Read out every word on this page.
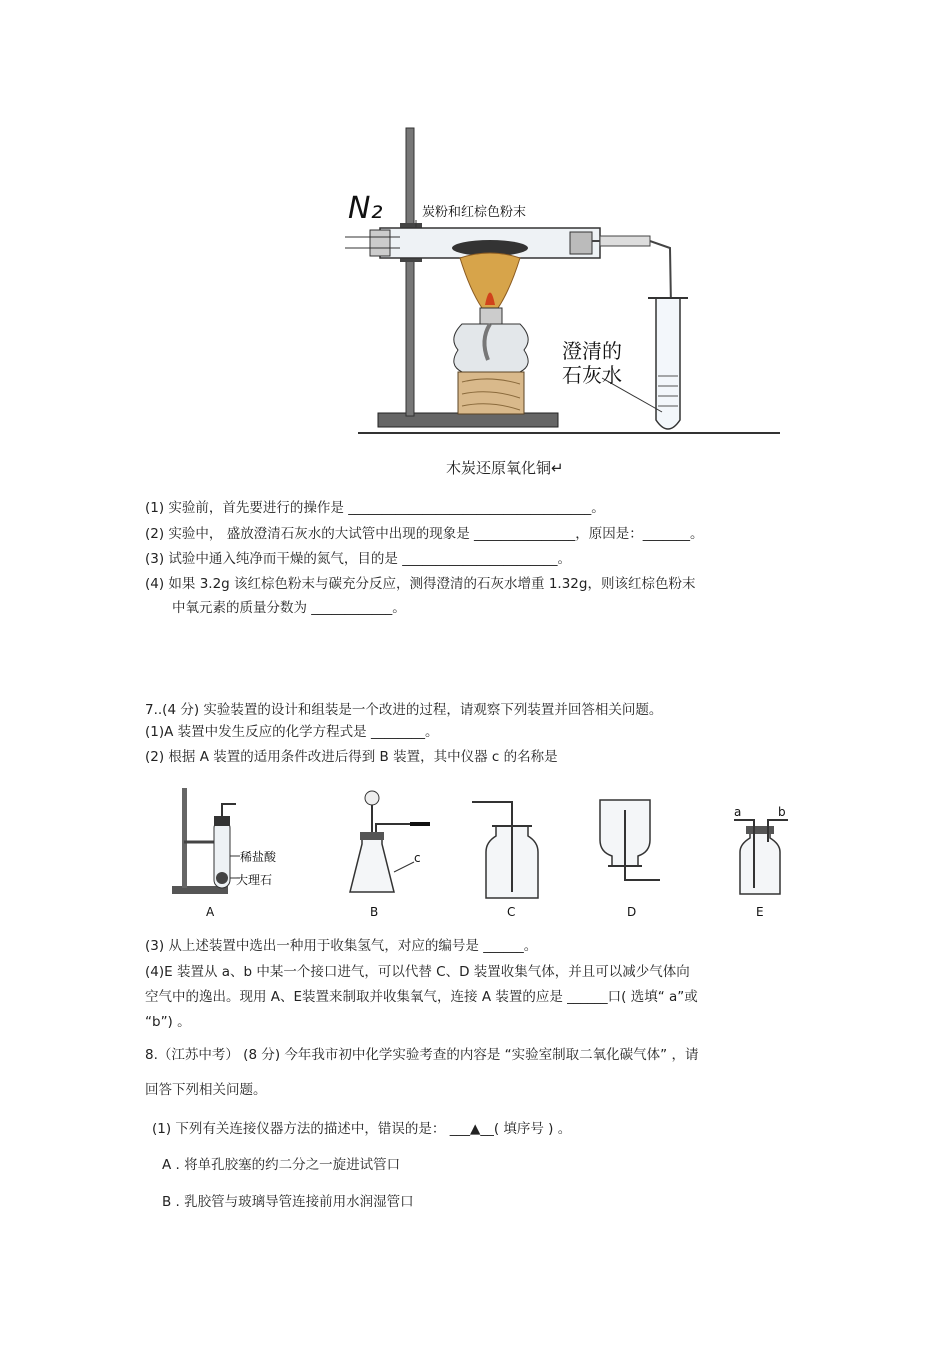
N₂	炭粉和红棕色粉末
澄清的
石灰水
木炭还原氧化铜↵
(1) 实验前，首先要进行的操作是 ____________________________________。
(2) 实验中， 盛放澄清石灰水的大试管中出现的现象是 _______________，原因是：_______。
(3) 试验中通入纯净而干燥的氮气，目的是 _______________________。
(4) 如果 3.2g 该红棕色粉末与碳充分反应，测得澄清的石灰水增重 1.32g，则该红棕色粉末
中氧元素的质量分数为 ____________。
7..(4 分) 实验装置的设计和组装是一个改进的过程，请观察下列装置并回答相关问题。
(1)A 装置中发生反应的化学方程式是 ________。
(2) 根据 A 装置的适用条件改进后得到 B 装置，其中仪器 c 的名称是
稀盐酸
大理石
c
a	b
A	B	C	D	E
(3) 从上述装置中选出一种用于收集氢气，对应的编号是 ______。
(4)E 装置从 a、b 中某一个接口进气，可以代替 C、D 装置收集气体，并且可以减少气体向
空气中的逸出。现用 A、E装置来制取并收集氧气，连接 A 装置的应是 ______口( 选填“ a”或
“b”) 。
8.（江苏中考） (8 分) 今年我市初中化学实验考查的内容是 “实验室制取二氧化碳气体” ，请
回答下列相关问题。
(1) 下列有关连接仪器方法的描述中，错误的是： ___▲__( 填序号 ) 。
A . 将单孔胶塞的约二分之一旋进试管口
B . 乳胶管与玻璃导管连接前用水润湿管口
